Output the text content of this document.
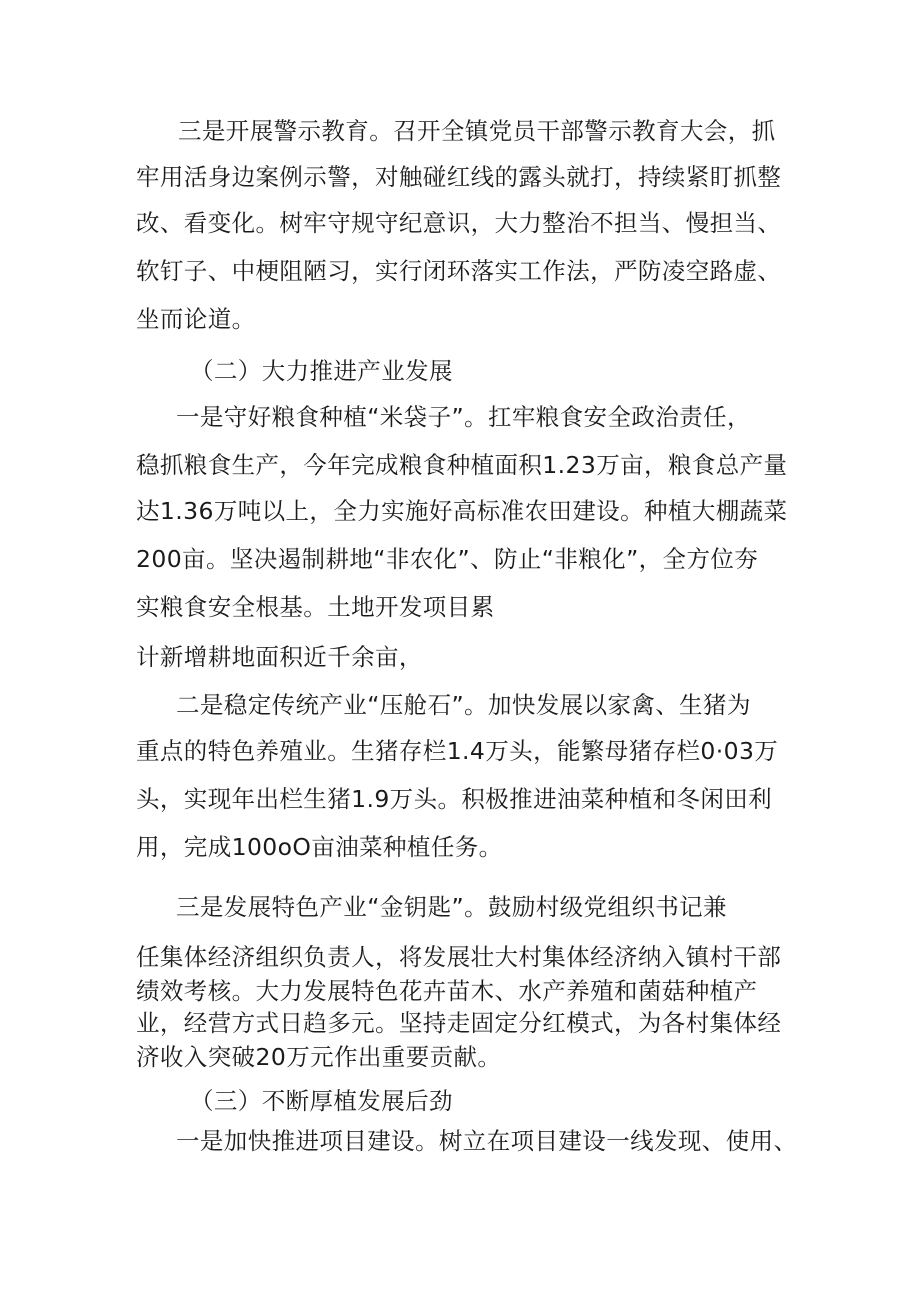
三是开展警示教育。召开全镇党员干部警示教育大会，抓

牢用活身边案例示警，对触碰红线的露头就打，持续紧盯抓整

改、看变化。树牢守规守纪意识，大力整治不担当、慢担当、

软钉子、中梗阻陋习，实行闭环落实工作法，严防凌空路虚、

坐而论道。

（二）大力推进产业发展

一是守好粮食种植“米袋子”。扛牢粮食安全政治责任，

稳抓粮食生产，今年完成粮食种植面积1.23万亩，粮食总产量

达1.36万吨以上，全力实施好高标准农田建设。种植大棚蔬菜

200亩。坚决遏制耕地“非农化”、防止“非粮化”，全方位夯

实粮食安全根基。土地开发项目累

计新增耕地面积近千余亩，

二是稳定传统产业“压舱石”。加快发展以家禽、生猪为

重点的特色养殖业。生猪存栏1.4万头，能繁母猪存栏0·03万

头，实现年出栏生猪1.9万头。积极推进油菜种植和冬闲田利

用，完成100oO亩油菜种植任务。

三是发展特色产业“金钥匙”。鼓励村级党组织书记兼

任集体经济组织负责人，将发展壮大村集体经济纳入镇村干部

绩效考核。大力发展特色花卉苗木、水产养殖和菌菇种植产

业，经营方式日趋多元。坚持走固定分红模式，为各村集体经

济收入突破20万元作出重要贡献。

（三）不断厚植发展后劲

一是加快推进项目建设。树立在项目建设一线发现、使用、
